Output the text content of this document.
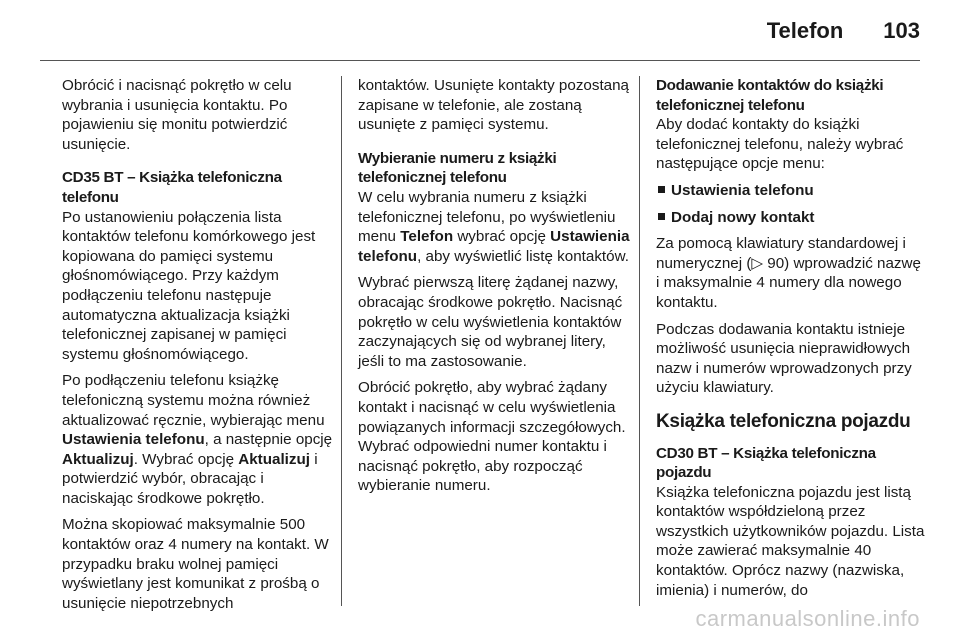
Telefon 103

Obrócić i nacisnąć pokrętło w celu wybrania i usunięcia kontaktu. Po pojawieniu się monitu potwierdzić usunięcie.

CD35 BT – Książka telefoniczna telefonu

Po ustanowieniu połączenia lista kontaktów telefonu komórkowego jest kopiowana do pamięci systemu głośnomówiącego. Przy każdym podłączeniu telefonu następuje automatyczna aktualizacja książki telefonicznej zapisanej w pamięci systemu głośnomówiącego.

Po podłączeniu telefonu książkę telefoniczną systemu można również aktualizować ręcznie, wybierając menu Ustawienia telefonu, a następnie opcję Aktualizuj. Wybrać opcję Aktualizuj i potwierdzić wybór, obracając i naciskając środkowe pokrętło.

Można skopiować maksymalnie 500 kontaktów oraz 4 numery na kontakt. W przypadku braku wolnej pamięci wyświetlany jest komunikat z prośbą o usunięcie niepotrzebnych

kontaktów. Usunięte kontakty pozostaną zapisane w telefonie, ale zostaną usunięte z pamięci systemu.

Wybieranie numeru z książki telefonicznej telefonu

W celu wybrania numeru z książki telefonicznej telefonu, po wyświetleniu menu Telefon wybrać opcję Ustawienia telefonu, aby wyświetlić listę kontaktów.

Wybrać pierwszą literę żądanej nazwy, obracając środkowe pokrętło. Nacisnąć pokrętło w celu wyświetlenia kontaktów zaczynających się od wybranej litery, jeśli to ma zastosowanie.

Obrócić pokrętło, aby wybrać żądany kontakt i nacisnąć w celu wyświetlenia powiązanych informacji szczegółowych. Wybrać odpowiedni numer kontaktu i nacisnąć pokrętło, aby rozpocząć wybieranie numeru.

Dodawanie kontaktów do książki telefonicznej telefonu

Aby dodać kontakty do książki telefonicznej telefonu, należy wybrać następujące opcje menu:

Ustawienia telefonu

Dodaj nowy kontakt

Za pomocą klawiatury standardowej i numerycznej (▷ 90) wprowadzić nazwę i maksymalnie 4 numery dla nowego kontaktu.

Podczas dodawania kontaktu istnieje możliwość usunięcia nieprawidłowych nazw i numerów wprowadzonych przy użyciu klawiatury.

Książka telefoniczna pojazdu

CD30 BT – Książka telefoniczna pojazdu

Książka telefoniczna pojazdu jest listą kontaktów współdzieloną przez wszystkich użytkowników pojazdu. Lista może zawierać maksymalnie 40 kontaktów. Oprócz nazwy (nazwiska, imienia) i numerów, do

carmanualsonline.info
